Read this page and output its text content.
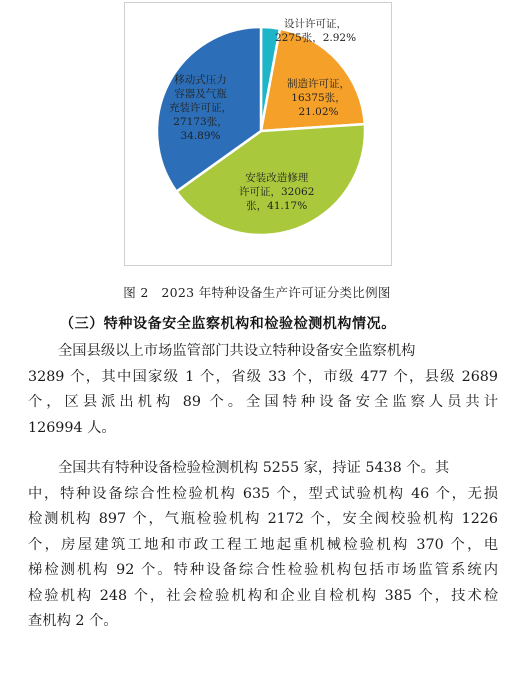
设计许可证，
2275张，2.92%
制造许可证，
16375张，
21.02%
安装改造修理
许可证，32062
张，41.17%
移动式压力
容器及气瓶
充装许可证，
27173张，
34.89%
图 2　2023 年特种设备生产许可证分类比例图
（三）特种设备安全监察机构和检验检测机构情况。
全国县级以上市场监管部门共设立特种设备安全监察机构
3289 个，其中国家级 1 个，省级 33 个，市级 477 个，县级 2689
个，区县派出机构 89 个。全国特种设备安全监察人员共计
126994 人。
全国共有特种设备检验检测机构 5255 家，持证 5438 个。其
中，特种设备综合性检验机构 635 个，型式试验机构 46 个，无损
检测机构 897 个，气瓶检验机构 2172 个，安全阀校验机构 1226
个，房屋建筑工地和市政工程工地起重机械检验机构 370 个，电
梯检测机构 92 个。特种设备综合性检验机构包括市场监管系统内
检验机构 248 个，社会检验机构和企业自检机构 385 个，技术检
查机构 2 个。
